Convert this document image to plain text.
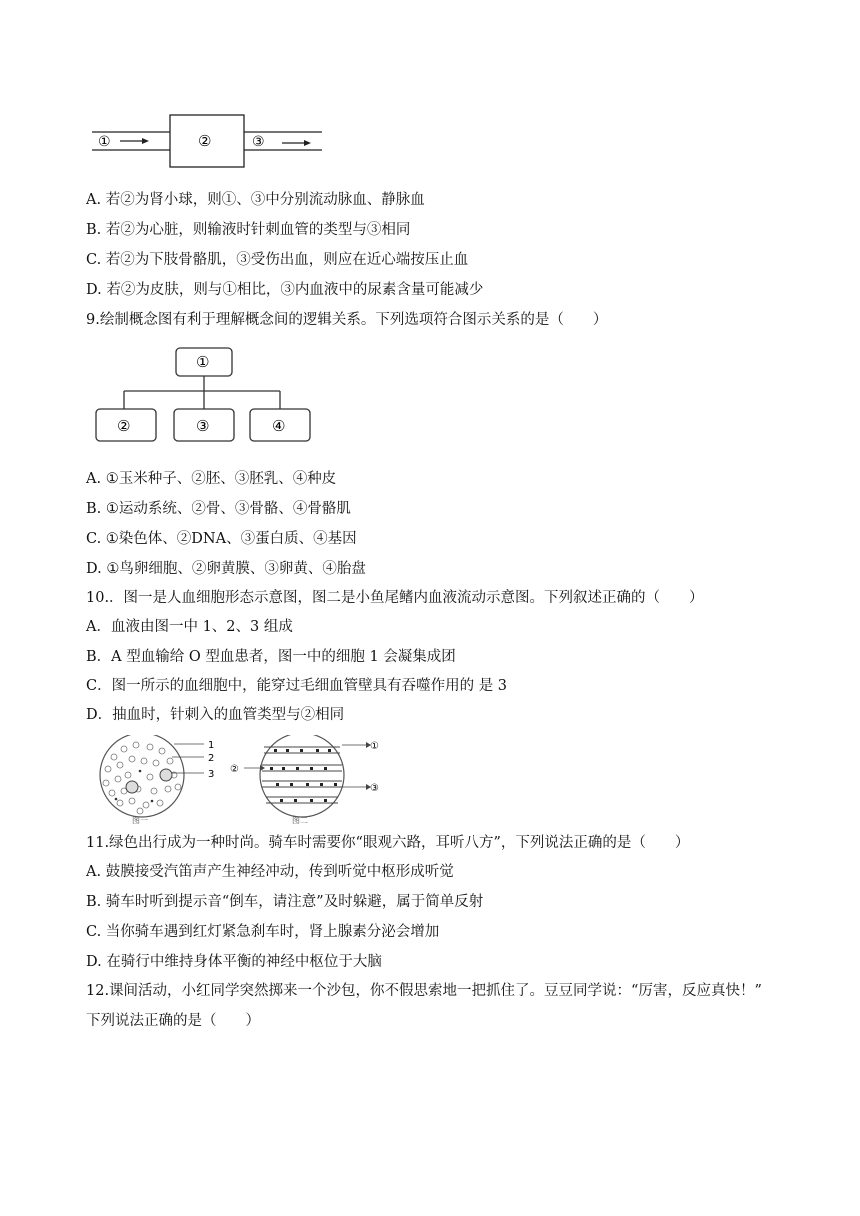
①	②	③
A. 若②为肾小球，则①、③中分别流动脉血、静脉血
B. 若②为心脏，则输液时针刺血管的类型与③相同
C. 若②为下肢骨骼肌，③受伤出血，则应在近心端按压止血
D. 若②为皮肤，则与①相比，③内血液中的尿素含量可能减少
9.绘制概念图有利于理解概念间的逻辑关系。下列选项符合图示关系的是（　　）
①
②	③	④
A. ①玉米种子、②胚、③胚乳、④种皮
B. ①运动系统、②骨、③骨骼、④骨骼肌
C. ①染色体、②DNA、③蛋白质、④基因
D. ①鸟卵细胞、②卵黄膜、③卵黄、④胎盘
10.．图一是人血细胞形态示意图，图二是小鱼尾鳍内血液流动示意图。下列叙述正确的（　　）
A．血液由图一中 1、2、3 组成
B．A 型血输给 O 型血患者，图一中的细胞 1 会凝集成团
C．图一所示的血细胞中，能穿过毛细血管壁具有吞噬作用的 是 3
D．抽血时，针刺入的血管类型与②相同
1
2
3
图一
①
②
③
图二
11.绿色出行成为一种时尚。骑车时需要你“眼观六路，耳听八方”，下列说法正确的是（　　）
A. 鼓膜接受汽笛声产生神经冲动，传到听觉中枢形成听觉
B. 骑车时听到提示音“倒车，请注意”及时躲避，属于简单反射
C. 当你骑车遇到红灯紧急刹车时，肾上腺素分泌会增加
D. 在骑行中维持身体平衡的神经中枢位于大脑
12.课间活动，小红同学突然掷来一个沙包，你不假思索地一把抓住了。豆豆同学说：“厉害，反应真快！”
下列说法正确的是（　　）
